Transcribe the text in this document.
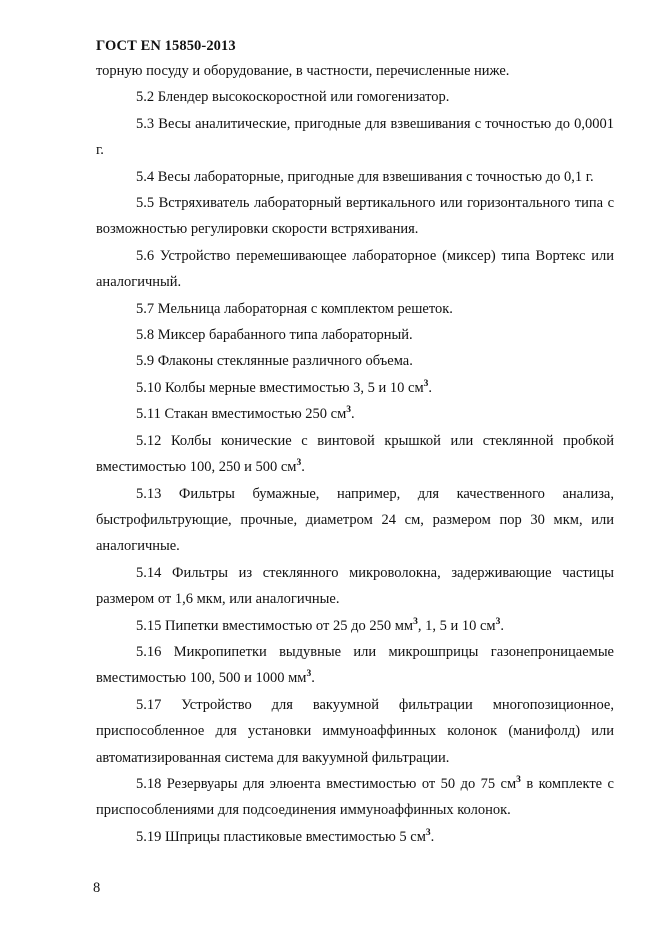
ГОСТ EN 15850-2013

торную посуду и оборудование, в частности, перечисленные ниже.

5.2 Блендер высокоскоростной или гомогенизатор.

5.3 Весы аналитические, пригодные для взвешивания с точностью до 0,0001 г.

5.4 Весы лабораторные, пригодные для взвешивания с точностью до 0,1 г.

5.5 Встряхиватель лабораторный вертикального или горизонтального типа с возможностью регулировки скорости встряхивания.

5.6 Устройство перемешивающее лабораторное (миксер) типа Вортекс или аналогичный.

5.7 Мельница лабораторная с комплектом решеток.

5.8 Миксер барабанного типа лабораторный.

5.9 Флаконы стеклянные различного объема.

5.10 Колбы мерные вместимостью 3, 5 и 10 $см^3$.

5.11 Стакан вместимостью 250 $см^3$.

5.12 Колбы конические с винтовой крышкой или стеклянной пробкой вместимостью 100, 250 и 500 $см^3$.

5.13 Фильтры бумажные, например, для качественного анализа, быстрофильтрующие, прочные, диаметром 24 см, размером пор 30 мкм, или аналогичные.

5.14 Фильтры из стеклянного микроволокна, задерживающие частицы размером от 1,6 мкм, или аналогичные.

5.15 Пипетки вместимостью от 25 до 250 $мм^3$, 1, 5 и 10 $см^3$.

5.16 Микропипетки выдувные или микрошприцы газонепроницаемые вместимостью 100, 500 и 1000 $мм^3$.

5.17 Устройство для вакуумной фильтрации многопозиционное, приспособленное для установки иммуноаффинных колонок (манифолд) или автоматизированная система для вакуумной фильтрации.

5.18 Резервуары для элюента вместимостью от 50 до 75 $см^3$ в комплекте с приспособлениями для подсоединения иммуноаффинных колонок.

5.19 Шприцы пластиковые вместимостью 5 $см^3$.

8
